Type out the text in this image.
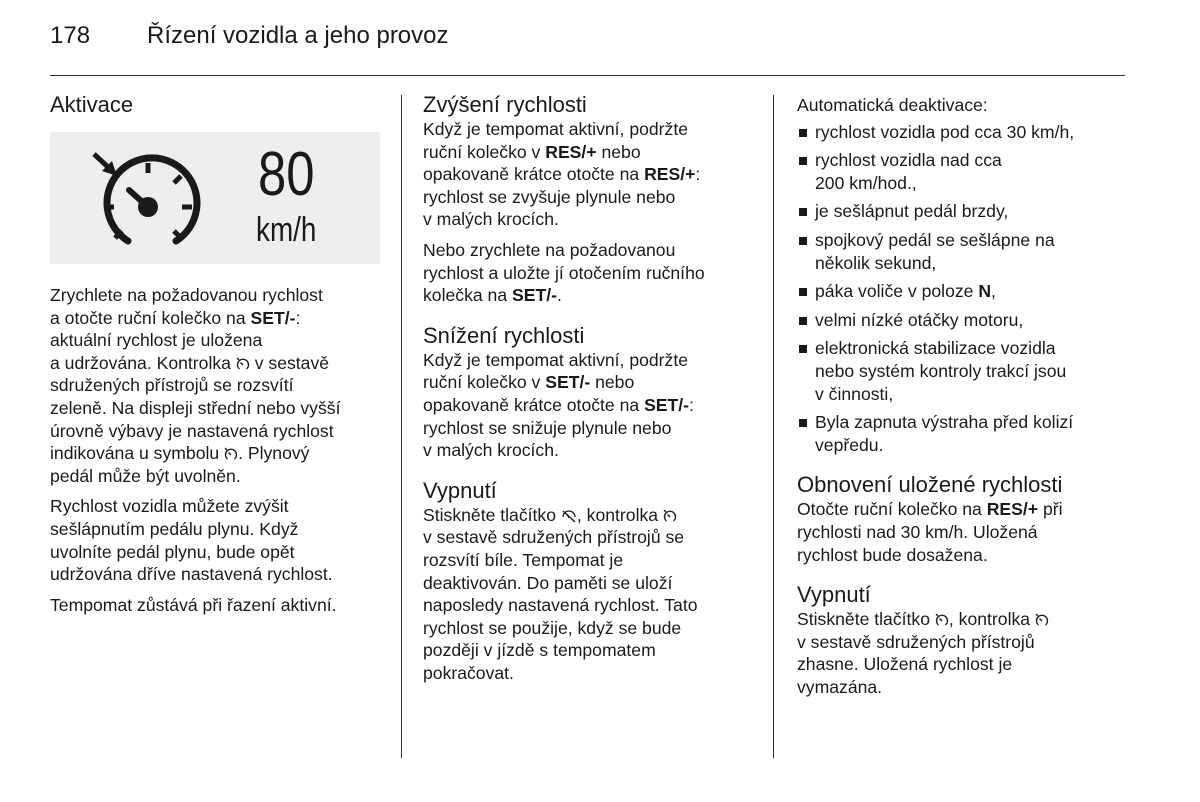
178 Řízení vozidla a jeho provoz
Aktivace
80
km/h

Zrychlete na požadovanou rychlost
a otočte ruční kolečko na SET/-:
aktuální rychlost je uložena
a udržována. Kontrolka  v sestavě
sdružených přístrojů se rozsvítí
zeleně. Na displeji střední nebo vyšší
úrovně výbavy je nastavená rychlost
indikována u symbolu . Plynový
pedál může být uvolněn.

Rychlost vozidla můžete zvýšit
sešlápnutím pedálu plynu. Když
uvolníte pedál plynu, bude opět
udržována dříve nastavená rychlost.

Tempomat zůstává při řazení aktivní.

Zvýšení rychlosti

Když je tempomat aktivní, podržte
ruční kolečko v RES/+ nebo
opakovaně krátce otočte na RES/+:
rychlost se zvyšuje plynule nebo
v malých krocích.

Nebo zrychlete na požadovanou
rychlost a uložte jí otočením ručního
kolečka na SET/-.

Snížení rychlosti

Když je tempomat aktivní, podržte
ruční kolečko v SET/- nebo
opakovaně krátce otočte na SET/-:
rychlost se snižuje plynule nebo
v malých krocích.

Vypnutí

Stiskněte tlačítko , kontrolka
v sestavě sdružených přístrojů se
rozsvítí bíle. Tempomat je
deaktivován. Do paměti se uloží
naposledy nastavená rychlost. Tato
rychlost se použije, když se bude
později v jízdě s tempomatem
pokračovat.

Automatická deaktivace:

rychlost vozidla pod cca 30 km/h,
rychlost vozidla nad cca
200 km/hod.,
je sešlápnut pedál brzdy,
spojkový pedál se sešlápne na
několik sekund,
páka voliče v poloze N,
velmi nízké otáčky motoru,
elektronická stabilizace vozidla
nebo systém kontroly trakcí jsou
v činnosti,
Byla zapnuta výstraha před kolizí
vepředu.
Obnovení uložené rychlosti

Otočte ruční kolečko na RES/+ při
rychlosti nad 30 km/h. Uložená
rychlost bude dosažena.

Vypnutí

Stiskněte tlačítko , kontrolka
v sestavě sdružených přístrojů
zhasne. Uložená rychlost je
vymazána.
